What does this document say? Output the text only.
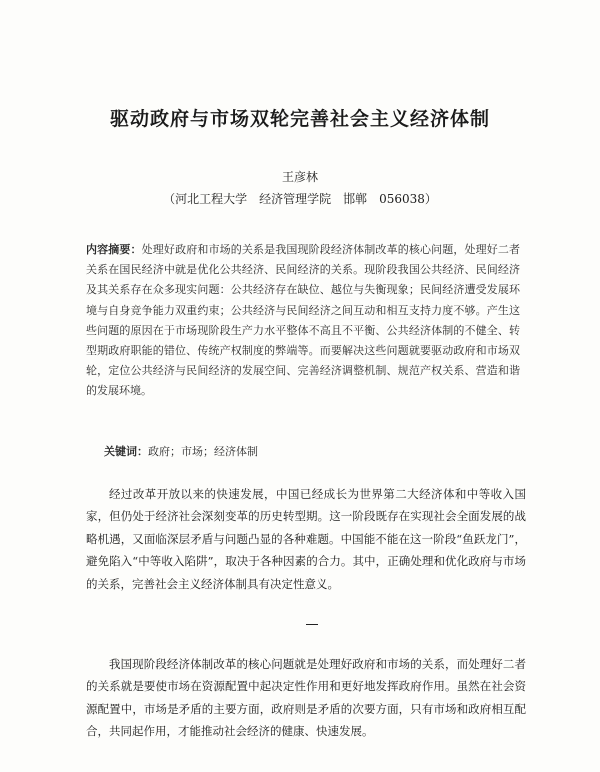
驱动政府与市场双轮完善社会主义经济体制
王彦林
（河北工程大学　经济管理学院　邯郸　056038）
内容摘要：处理好政府和市场的关系是我国现阶段经济体制改革的核心问题，处理好二者关系在国民经济中就是优化公共经济、民间经济的关系。现阶段我国公共经济、民间经济及其关系存在众多现实问题：公共经济存在缺位、越位与失衡现象；民间经济遭受发展环境与自身竞争能力双重约束；公共经济与民间经济之间互动和相互支持力度不够。产生这些问题的原因在于市场现阶段生产力水平整体不高且不平衡、公共经济体制的不健全、转型期政府职能的错位、传统产权制度的弊端等。而要解决这些问题就要驱动政府和市场双轮，定位公共经济与民间经济的发展空间、完善经济调整机制、规范产权关系、营造和谐的发展环境。
关键词：政府；市场；经济体制
经过改革开放以来的快速发展，中国已经成长为世界第二大经济体和中等收入国家，但仍处于经济社会深刻变革的历史转型期。这一阶段既存在实现社会全面发展的战略机遇，又面临深层矛盾与问题凸显的各种难题。中国能不能在这一阶段“鱼跃龙门”，避免陷入“中等收入陷阱”，取决于各种因素的合力。其中，正确处理和优化政府与市场的关系，完善社会主义经济体制具有决定性意义。
我国现阶段经济体制改革的核心问题就是处理好政府和市场的关系，而处理好二者的关系就是要使市场在资源配置中起决定性作用和更好地发挥政府作用。虽然在社会资源配置中，市场是矛盾的主要方面，政府则是矛盾的次要方面，只有市场和政府相互配合，共同起作用，才能推动社会经济的健康、快速发展。
